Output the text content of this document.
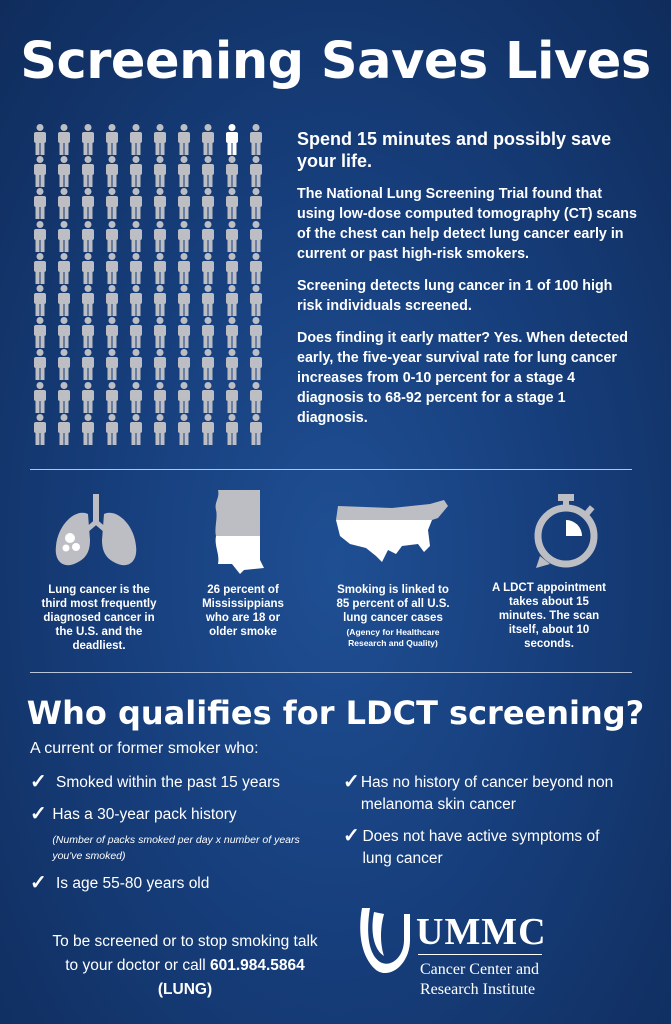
Screening Saves Lives
Spend 15 minutes and possibly save your life.

The National Lung Screening Trial found that using low-dose computed tomography (CT) scans of the chest can help detect lung cancer early in current or past high-risk smokers.

Screening detects lung cancer in 1 of 100 high risk individuals screened.

Does finding it early matter? Yes. When detected early, the five-year survival rate for lung cancer increases from 0-10 percent for a stage 4 diagnosis to 68-92 percent for a stage 1 diagnosis.

Lung cancer is the third most frequently diagnosed cancer in the U.S. and the deadliest.
26 percent of Mississippians who are 18 or older smoke
Smoking is linked to 85 percent of all U.S. lung cancer cases
(Agency for Healthcare Research and Quality)
A LDCT appointment takes about 15 minutes. The scan itself, about 10 seconds.
Who qualifies for LDCT screening?
A current or former smoker who:
✓ Smoked within the past 15 years
✓ Has a 30-year pack history
(Number of packs smoked per day x number of years you've smoked)
✓ Is age 55-80 years old
✓ Has no history of cancer beyond non melanoma skin cancer
✓ Does not have active symptoms of lung cancer
To be screened or to stop smoking talk to your doctor or call 601.984.5864 (LUNG)
UMMC
Cancer Center and
Research Institute
